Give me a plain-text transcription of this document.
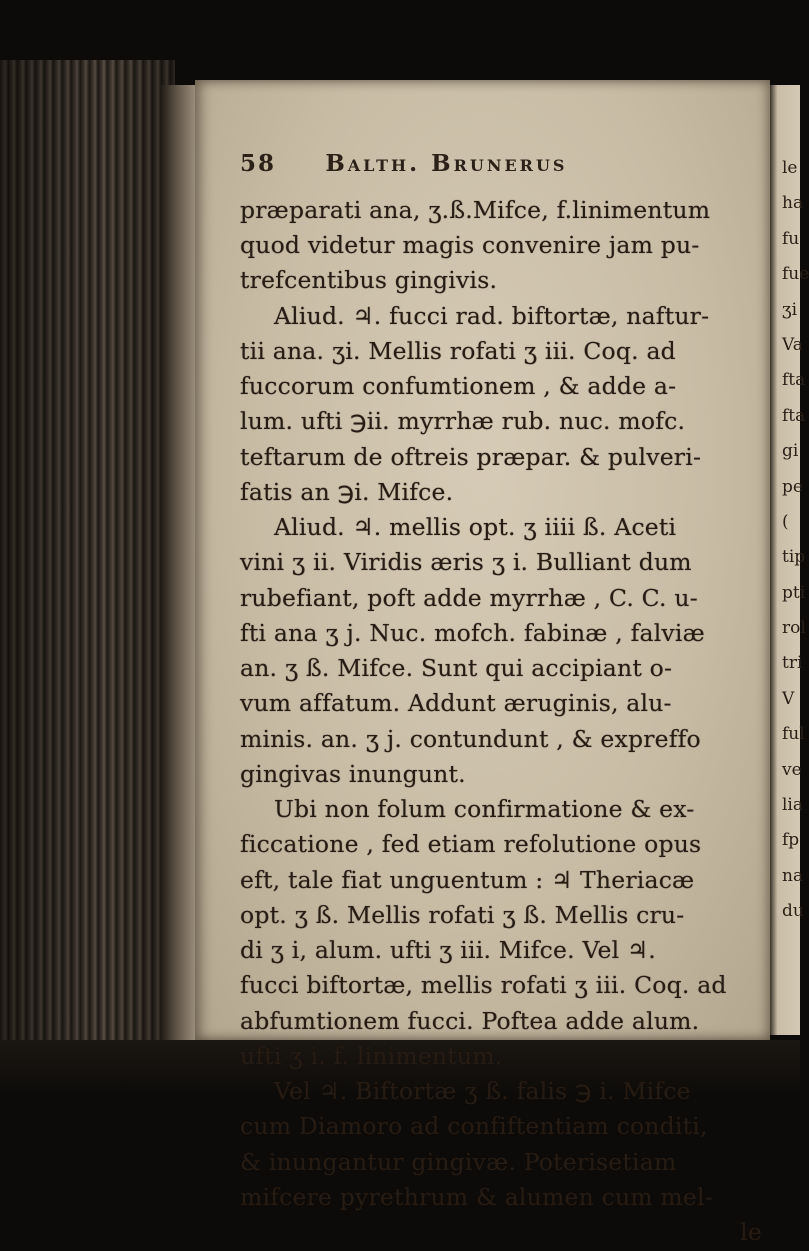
58 Balth. Brunerus
præparati ana, ʒ.ß.Mifce, f.linimentum
quod videtur magis convenire jam pu-
trefcentibus gingivis.
Aliud. ♃. fucci rad. biftortæ, naftur-
tii ana. ʒi. Mellis rofati ʒ iii. Coq. ad
fuccorum confumtionem , & adde a-
lum. ufti ℈ii. myrrhæ rub. nuc. mofc.
teftarum de oftreis præpar. & pulveri-
fatis an ℈i. Mifce.
Aliud. ♃. mellis opt. ʒ iiii ß. Aceti
vini ʒ ii. Viridis æris ʒ i. Bulliant dum
rubefiant, poft adde myrrhæ , C. C. u-
fti ana ʒ j. Nuc. mofch. fabinæ , falviæ
an. ʒ ß. Mifce. Sunt qui accipiant o-
vum affatum. Addunt æruginis, alu-
minis. an. ʒ j. contundunt , & expreffo
gingivas inungunt.
Ubi non folum confirmatione & ex-
ficcatione , fed etiam refolutione opus
eft, tale fiat unguentum : ♃ Theriacæ
opt. ʒ ß. Mellis rofati ʒ ß. Mellis cru-
di ʒ i, alum. ufti ʒ iii. Mifce. Vel ♃.
fucci biftortæ, mellis rofati ʒ iii. Coq. ad
abfumtionem fucci. Poftea adde alum.
ufti ʒ i. f. linimentum.
Vel ♃. Biftortæ ʒ ß. falis ℈ i. Mifce
cum Diamoro ad confiftentiam conditi,
& inungantur gingivæ. Poterisetiam
mifcere pyrethrum & alumen cum mel-
le
le
ha
fu
fue
ʒi
Va
fta
fta
gi
pe
(
tip
pti
rol
tri
V
ful
ve
lia
fp
na
du
